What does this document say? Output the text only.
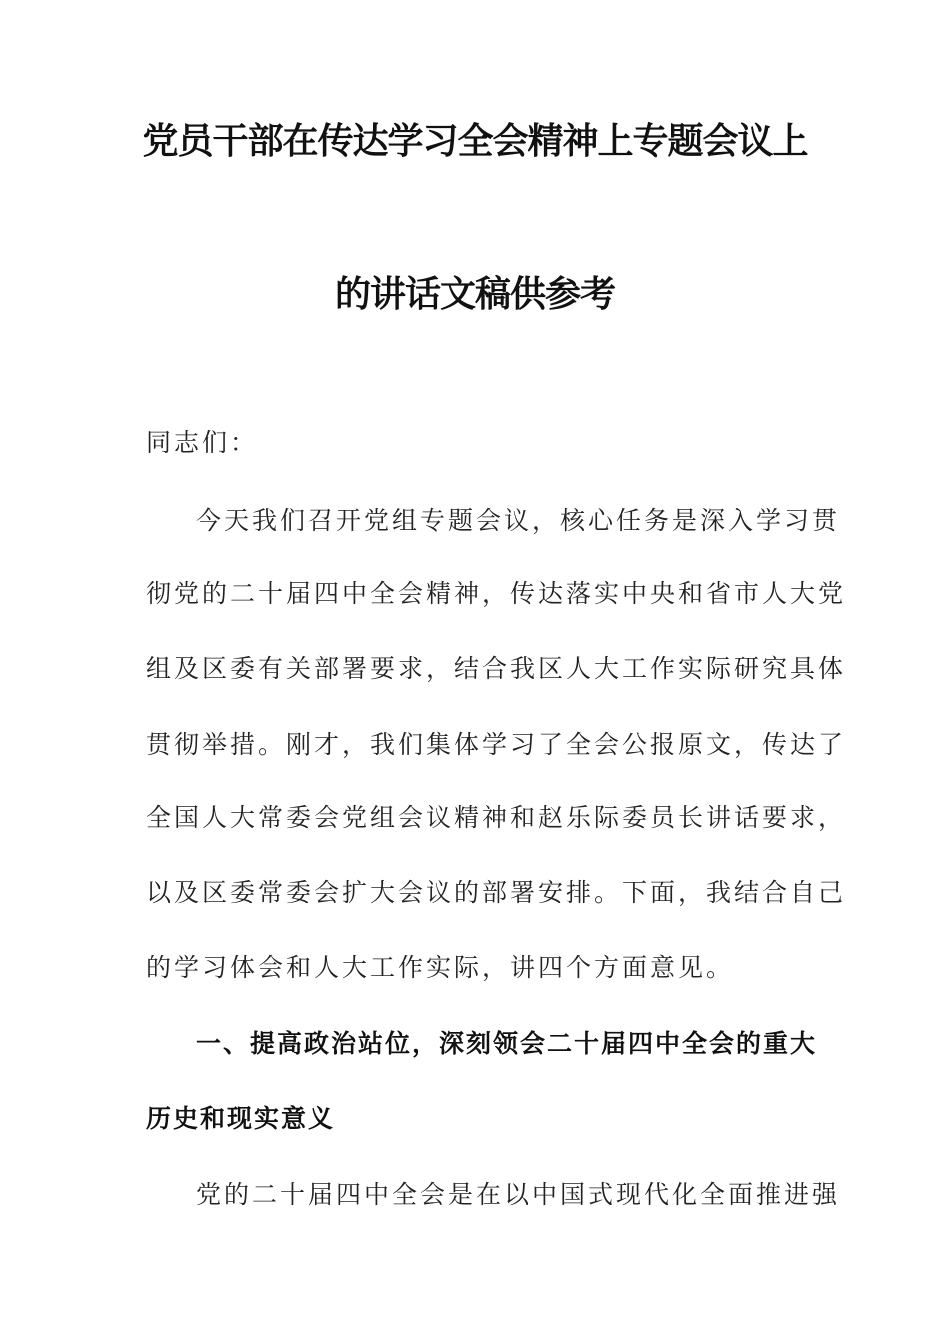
党员干部在传达学习全会精神上专题会议上
的讲话文稿供参考
同志们：
今天我们召开党组专题会议，核心任务是深入学习贯
彻党的二十届四中全会精神，传达落实中央和省市人大党
组及区委有关部署要求，结合我区人大工作实际研究具体
贯彻举措。刚才，我们集体学习了全会公报原文，传达了
全国人大常委会党组会议精神和赵乐际委员长讲话要求，
以及区委常委会扩大会议的部署安排。下面，我结合自己
的学习体会和人大工作实际，讲四个方面意见。
一、提高政治站位，深刻领会二十届四中全会的重大
历史和现实意义
党的二十届四中全会是在以中国式现代化全面推进强
